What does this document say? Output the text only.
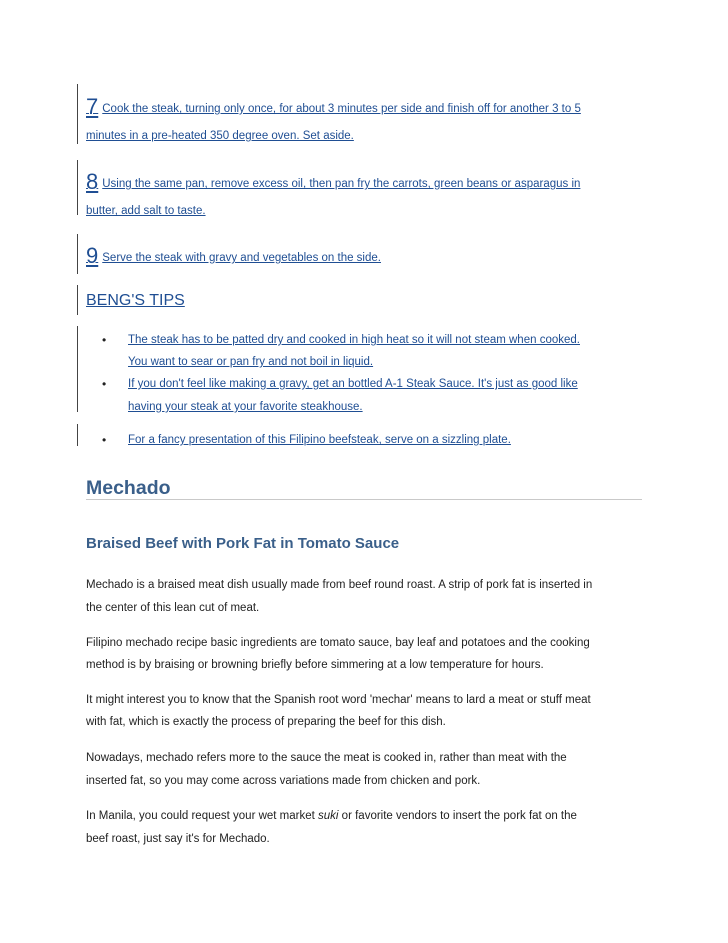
7 Cook the steak, turning only once, for about 3 minutes per side and finish off for another 3 to 5
minutes in a pre-heated 350 degree oven. Set aside.
8 Using the same pan, remove excess oil, then pan fry the carrots, green beans or asparagus in
butter, add salt to taste.
9 Serve the steak with gravy and vegetables on the side.
BENG'S TIPS
• The steak has to be patted dry and cooked in high heat so it will not steam when cooked.
You want to sear or pan fry and not boil in liquid.
• If you don't feel like making a gravy, get an bottled A-1 Steak Sauce. It's just as good like
having your steak at your favorite steakhouse.
• For a fancy presentation of this Filipino beefsteak, serve on a sizzling plate.
Mechado
Braised Beef with Pork Fat in Tomato Sauce
Mechado is a braised meat dish usually made from beef round roast. A strip of pork fat is inserted in
the center of this lean cut of meat.
Filipino mechado recipe basic ingredients are tomato sauce, bay leaf and potatoes and the cooking
method is by braising or browning briefly before simmering at a low temperature for hours.
It might interest you to know that the Spanish root word 'mechar' means to lard a meat or stuff meat
with fat, which is exactly the process of preparing the beef for this dish.
Nowadays, mechado refers more to the sauce the meat is cooked in, rather than meat with the
inserted fat, so you may come across variations made from chicken and pork.
In Manila, you could request your wet market suki or favorite vendors to insert the pork fat on the
beef roast, just say it's for Mechado.
